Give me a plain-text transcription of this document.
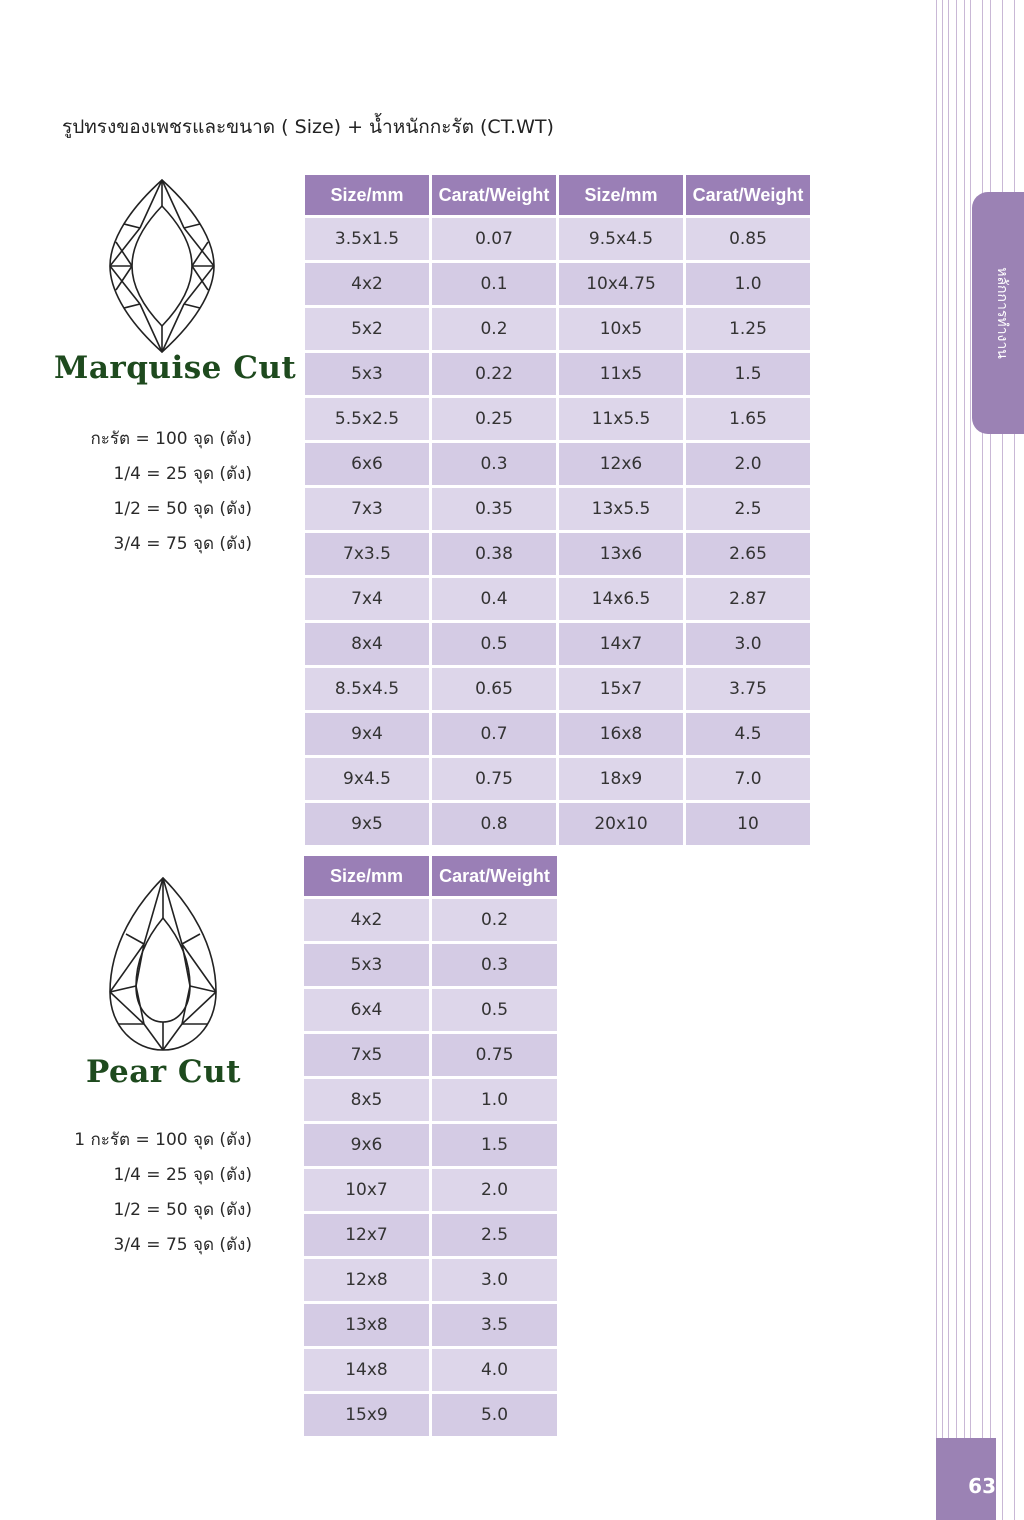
รูปทรงของเพชรและขนาด ( Size) + น้ำหนักกะรัต (CT.WT)
หลักการทำงาน
63
Marquise Cut
กะรัต = 100 จุด (ตัง)
1/4 = 25 จุด (ตัง)
1/2 = 50 จุด (ตัง)
3/4 = 75 จุด (ตัง)
Size/mm	Carat/Weight	Size/mm	Carat/Weight
3.5x1.5	0.07	9.5x4.5	0.85
4x2	0.1	10x4.75	1.0
5x2	0.2	10x5	1.25
5x3	0.22	11x5	1.5
5.5x2.5	0.25	11x5.5	1.65
6x6	0.3	12x6	2.0
7x3	0.35	13x5.5	2.5
7x3.5	0.38	13x6	2.65
7x4	0.4	14x6.5	2.87
8x4	0.5	14x7	3.0
8.5x4.5	0.65	15x7	3.75
9x4	0.7	16x8	4.5
9x4.5	0.75	18x9	7.0
9x5	0.8	20x10	10
Pear Cut
1 กะรัต = 100 จุด (ตัง)
1/4 = 25 จุด (ตัง)
1/2 = 50 จุด (ตัง)
3/4 = 75 จุด (ตัง)
Size/mm	Carat/Weight
4x2	0.2
5x3	0.3
6x4	0.5
7x5	0.75
8x5	1.0
9x6	1.5
10x7	2.0
12x7	2.5
12x8	3.0
13x8	3.5
14x8	4.0
15x9	5.0
